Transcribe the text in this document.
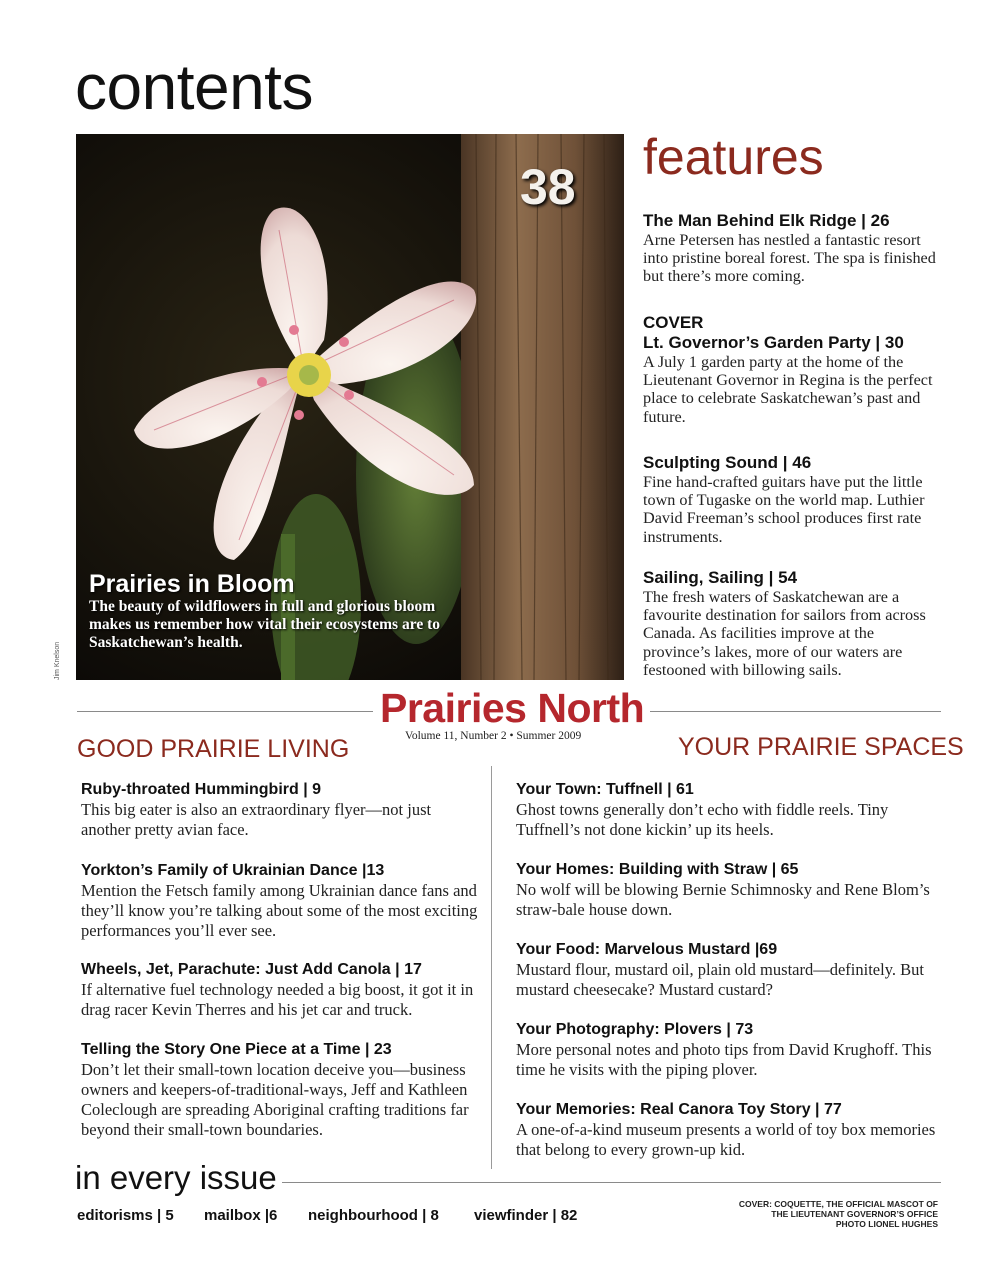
contents
38
Prairies in Bloom
The beauty of wildflowers in full and glorious bloom makes us remember how vital their ecosystems are to Saskatchewan’s health.
Jim Knelson
features
The Man Behind Elk Ridge | 26
Arne Petersen has nestled a fantastic resort into pristine boreal forest. The spa is finished but there’s more coming.
COVER
Lt. Governor’s Garden Party | 30
A July 1 garden party at the home of the Lieutenant Governor in Regina is the perfect place to celebrate Saskatchewan’s past and future.
Sculpting Sound | 46
Fine hand-crafted guitars have put the little town of Tugaske on the world map. Luthier David Freeman’s school produces first rate instruments.
Sailing, Sailing | 54
The fresh waters of Saskatchewan are a favourite destination for sailors from across Canada. As facilities improve at the province’s lakes, more of our waters are festooned with billowing sails.
Prairies North
Volume 11, Number 2 • Summer 2009
GOOD PRAIRIE LIVING	YOUR PRAIRIE SPACES
Ruby-throated Hummingbird | 9
This big eater is also an extraordinary flyer—not just another pretty avian face.
Yorkton’s Family of Ukrainian Dance |13
Mention the Fetsch family among Ukrainian dance fans and they’ll know you’re talking about some of the most exciting performances you’ll ever see.
Wheels, Jet, Parachute: Just Add Canola | 17
If alternative fuel technology needed a big boost, it got it in drag racer Kevin Therres and his jet car and truck.
Telling the Story One Piece at a Time | 23
Don’t let their small-town location deceive you—business owners and keepers-of-traditional-ways, Jeff and Kathleen Coleclough are spreading Aboriginal crafting traditions far beyond their small-town boundaries.
Your Town: Tuffnell | 61
Ghost towns generally don’t echo with fiddle reels. Tiny Tuffnell’s not done kickin’ up its heels.
Your Homes: Building with Straw | 65
No wolf will be blowing Bernie Schimnosky and Rene Blom’s straw-bale house down.
Your Food: Marvelous Mustard |69
Mustard flour, mustard oil, plain old mustard—definitely. But mustard cheesecake? Mustard custard?
Your Photography: Plovers | 73
More personal notes and photo tips from David Krughoff. This time he visits with the piping plover.
Your Memories: Real Canora Toy Story | 77
A one-of-a-kind museum presents a world of toy box memories that belong to every grown-up kid.
in every issue
editorisms | 5 mailbox |6 neighbourhood | 8 viewfinder | 82
COVER: COQUETTE, THE OFFICIAL MASCOT OF
THE LIEUTENANT GOVERNOR’S OFFICE
PHOTO LIONEL HUGHES
